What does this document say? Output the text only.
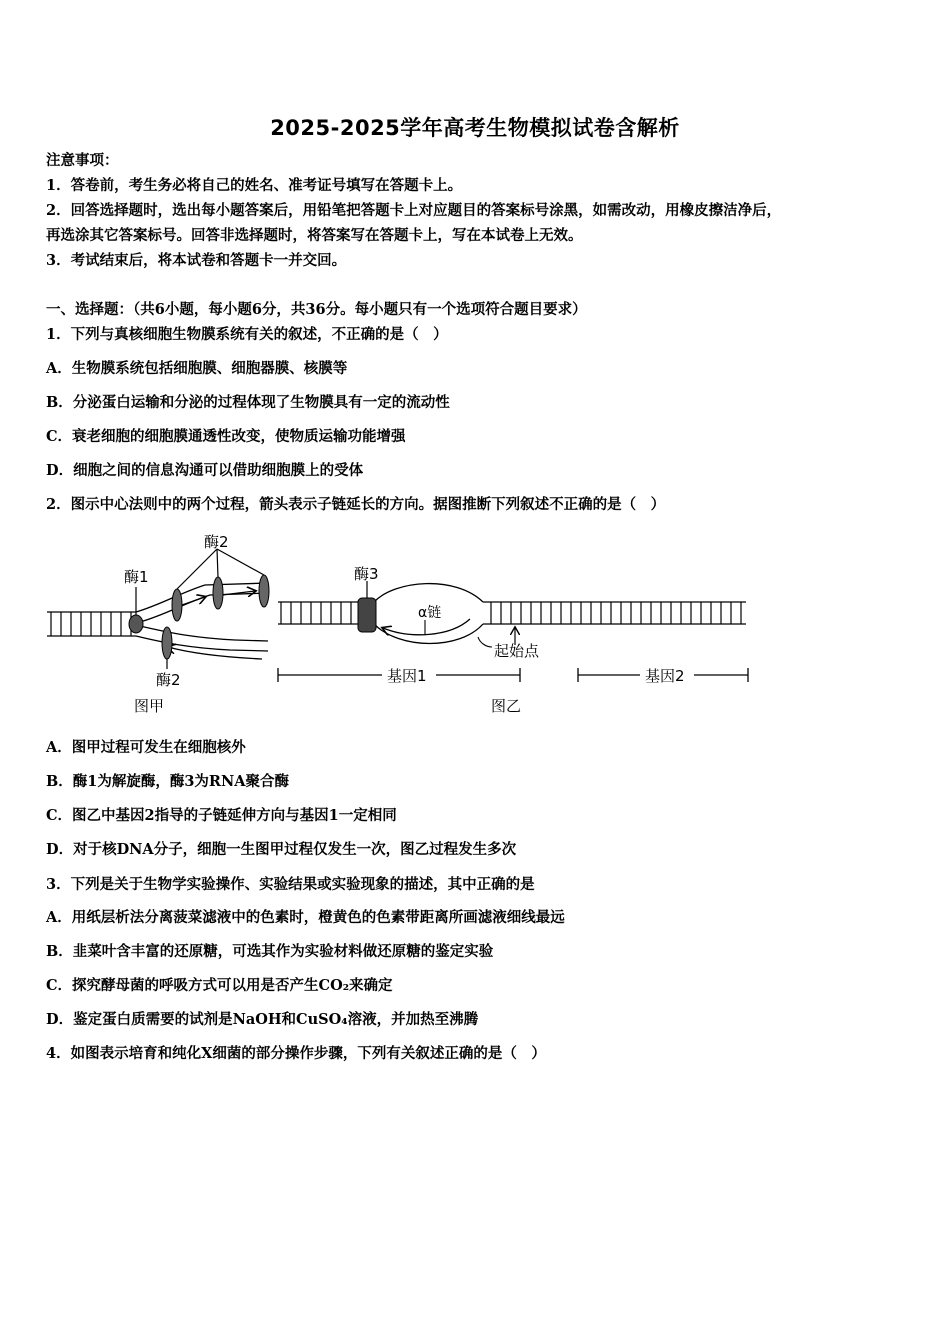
2025-2025学年高考生物模拟试卷含解析
注意事项：
1．答卷前，考生务必将自己的姓名、准考证号填写在答题卡上。
2．回答选择题时，选出每小题答案后，用铅笔把答题卡上对应题目的答案标号涂黑，如需改动，用橡皮擦洁净后，
再选涂其它答案标号。回答非选择题时，将答案写在答题卡上，写在本试卷上无效。
3．考试结束后，将本试卷和答题卡一并交回。
一、选择题：（共6小题，每小题6分，共36分。每小题只有一个选项符合题目要求）
1．下列与真核细胞生物膜系统有关的叙述，不正确的是（　）
A．生物膜系统包括细胞膜、细胞器膜、核膜等
B．分泌蛋白运输和分泌的过程体现了生物膜具有一定的流动性
C．衰老细胞的细胞膜通透性改变，使物质运输功能增强
D．细胞之间的信息沟通可以借助细胞膜上的受体
2．图示中心法则中的两个过程，箭头表示子链延长的方向。据图推断下列叙述不正确的是（　）
酶1
酶2
酶2
图甲
酶3
α链
起始点
基因1	基因2
图乙
A．图甲过程可发生在细胞核外
B．酶1为解旋酶，酶3为RNA聚合酶
C．图乙中基因2指导的子链延伸方向与基因1一定相同
D．对于核DNA分子，细胞一生图甲过程仅发生一次，图乙过程发生多次
3．下列是关于生物学实验操作、实验结果或实验现象的描述，其中正确的是
A．用纸层析法分离菠菜滤液中的色素时，橙黄色的色素带距离所画滤液细线最远
B．韭菜叶含丰富的还原糖，可选其作为实验材料做还原糖的鉴定实验
C．探究酵母菌的呼吸方式可以用是否产生CO₂来确定
D．鉴定蛋白质需要的试剂是NaOH和CuSO₄溶液，并加热至沸腾
4．如图表示培育和纯化X细菌的部分操作步骤，下列有关叙述正确的是（　）
